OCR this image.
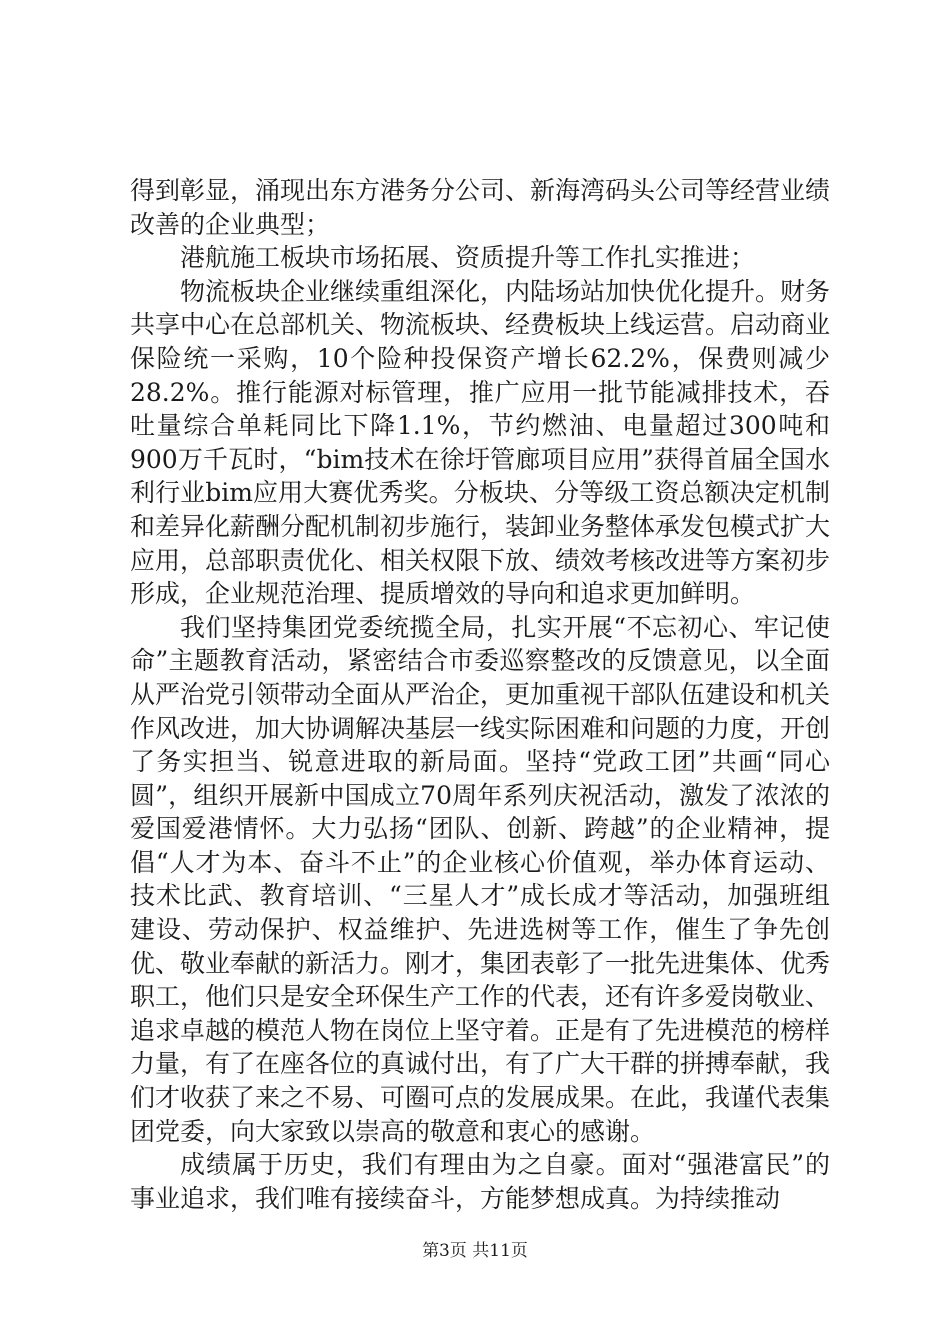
得到彰显，涌现出东方港务分公司、新海湾码头公司等经营业绩改善的企业典型；

港航施工板块市场拓展、资质提升等工作扎实推进；

物流板块企业继续重组深化，内陆场站加快优化提升。财务共享中心在总部机关、物流板块、经费板块上线运营。启动商业保险统一采购，10个险种投保资产增长62.2%，保费则减少28.2%。推行能源对标管理，推广应用一批节能减排技术，吞吐量综合单耗同比下降1.1%，节约燃油、电量超过300吨和900万千瓦时，“bim技术在徐圩管廊项目应用”获得首届全国水利行业bim应用大赛优秀奖。分板块、分等级工资总额决定机制和差异化薪酬分配机制初步施行，装卸业务整体承发包模式扩大应用，总部职责优化、相关权限下放、绩效考核改进等方案初步形成，企业规范治理、提质增效的导向和追求更加鲜明。

我们坚持集团党委统揽全局，扎实开展“不忘初心、牢记使命”主题教育活动，紧密结合市委巡察整改的反馈意见，以全面从严治党引领带动全面从严治企，更加重视干部队伍建设和机关作风改进，加大协调解决基层一线实际困难和问题的力度，开创了务实担当、锐意进取的新局面。坚持“党政工团”共画“同心圆”，组织开展新中国成立70周年系列庆祝活动，激发了浓浓的爱国爱港情怀。大力弘扬“团队、创新、跨越”的企业精神，提倡“人才为本、奋斗不止”的企业核心价值观，举办体育运动、技术比武、教育培训、“三星人才”成长成才等活动，加强班组建设、劳动保护、权益维护、先进选树等工作，催生了争先创优、敬业奉献的新活力。刚才，集团表彰了一批先进集体、优秀职工，他们只是安全环保生产工作的代表，还有许多爱岗敬业、追求卓越的模范人物在岗位上坚守着。正是有了先进模范的榜样力量，有了在座各位的真诚付出，有了广大干群的拼搏奉献，我们才收获了来之不易、可圈可点的发展成果。在此，我谨代表集团党委，向大家致以崇高的敬意和衷心的感谢。

成绩属于历史，我们有理由为之自豪。面对“强港富民”的事业追求，我们唯有接续奋斗，方能梦想成真。为持续推动

第3页 共11页
